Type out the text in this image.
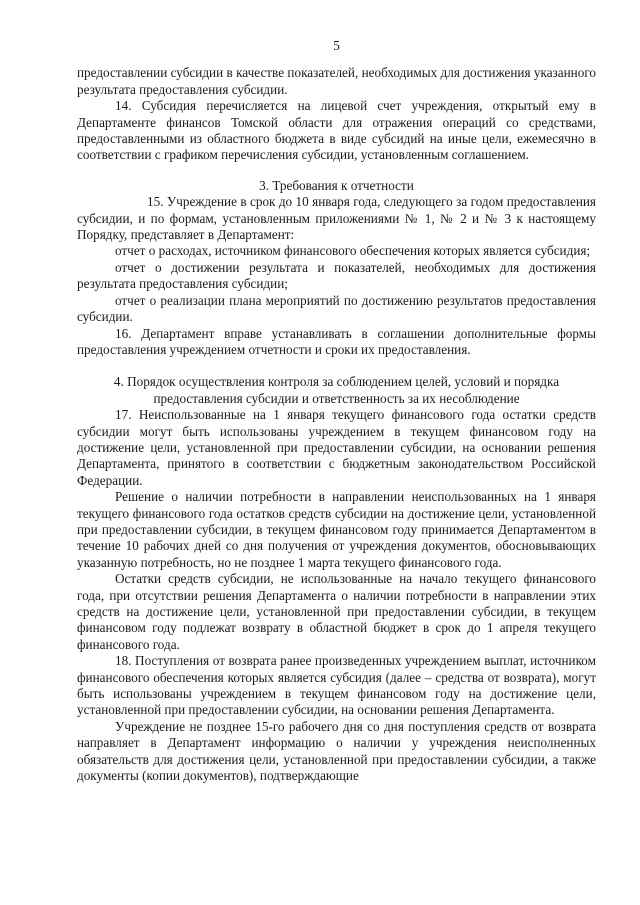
5

предоставлении субсидии в качестве показателей, необходимых для достижения указанного результата предоставления субсидии.

14. Субсидия перечисляется на лицевой счет учреждения, открытый ему в Департаменте финансов Томской области для отражения операций со средствами, предоставленными из областного бюджета в виде субсидий на иные цели, ежемесячно в соответствии с графиком перечисления субсидии, установленным соглашением.

3. Требования к отчетности

15. Учреждение в срок до 10 января года, следующего за годом предоставления субсидии, и по формам, установленным приложениями № 1, № 2 и № 3 к настоящему Порядку, представляет в Департамент:

отчет о расходах, источником финансового обеспечения которых является субсидия;

отчет о достижении результата и показателей, необходимых для достижения результата предоставления субсидии;

отчет о реализации плана мероприятий по достижению результатов предоставления субсидии.

16. Департамент вправе устанавливать в соглашении дополнительные формы предоставления учреждением отчетности и сроки их предоставления.

4. Порядок осуществления контроля за соблюдением целей, условий и порядка предоставления субсидии и ответственность за их несоблюдение

17. Неиспользованные на 1 января текущего финансового года остатки средств субсидии могут быть использованы учреждением в текущем финансовом году на достижение цели, установленной при предоставлении субсидии, на основании решения Департамента, принятого в соответствии с бюджетным законодательством Российской Федерации.

Решение о наличии потребности в направлении неиспользованных на 1 января текущего финансового года остатков средств субсидии на достижение цели, установленной при предоставлении субсидии, в текущем финансовом году принимается Департаментом в течение 10 рабочих дней со дня получения от учреждения документов, обосновывающих указанную потребность, но не позднее 1 марта текущего финансового года.

Остатки средств субсидии, не использованные на начало текущего финансового года, при отсутствии решения Департамента о наличии потребности в направлении этих средств на достижение цели, установленной при предоставлении субсидии, в текущем финансовом году подлежат возврату в областной бюджет в срок до 1 апреля текущего финансового года.

18. Поступления от возврата ранее произведенных учреждением выплат, источником финансового обеспечения которых является субсидия (далее – средства от возврата), могут быть использованы учреждением в текущем финансовом году на достижение цели, установленной при предоставлении субсидии, на основании решения Департамента.

Учреждение не позднее 15-го рабочего дня со дня поступления средств от возврата направляет в Департамент информацию о наличии у учреждения неисполненных обязательств для достижения цели, установленной при предоставлении субсидии, а также документы (копии документов), подтверждающие
